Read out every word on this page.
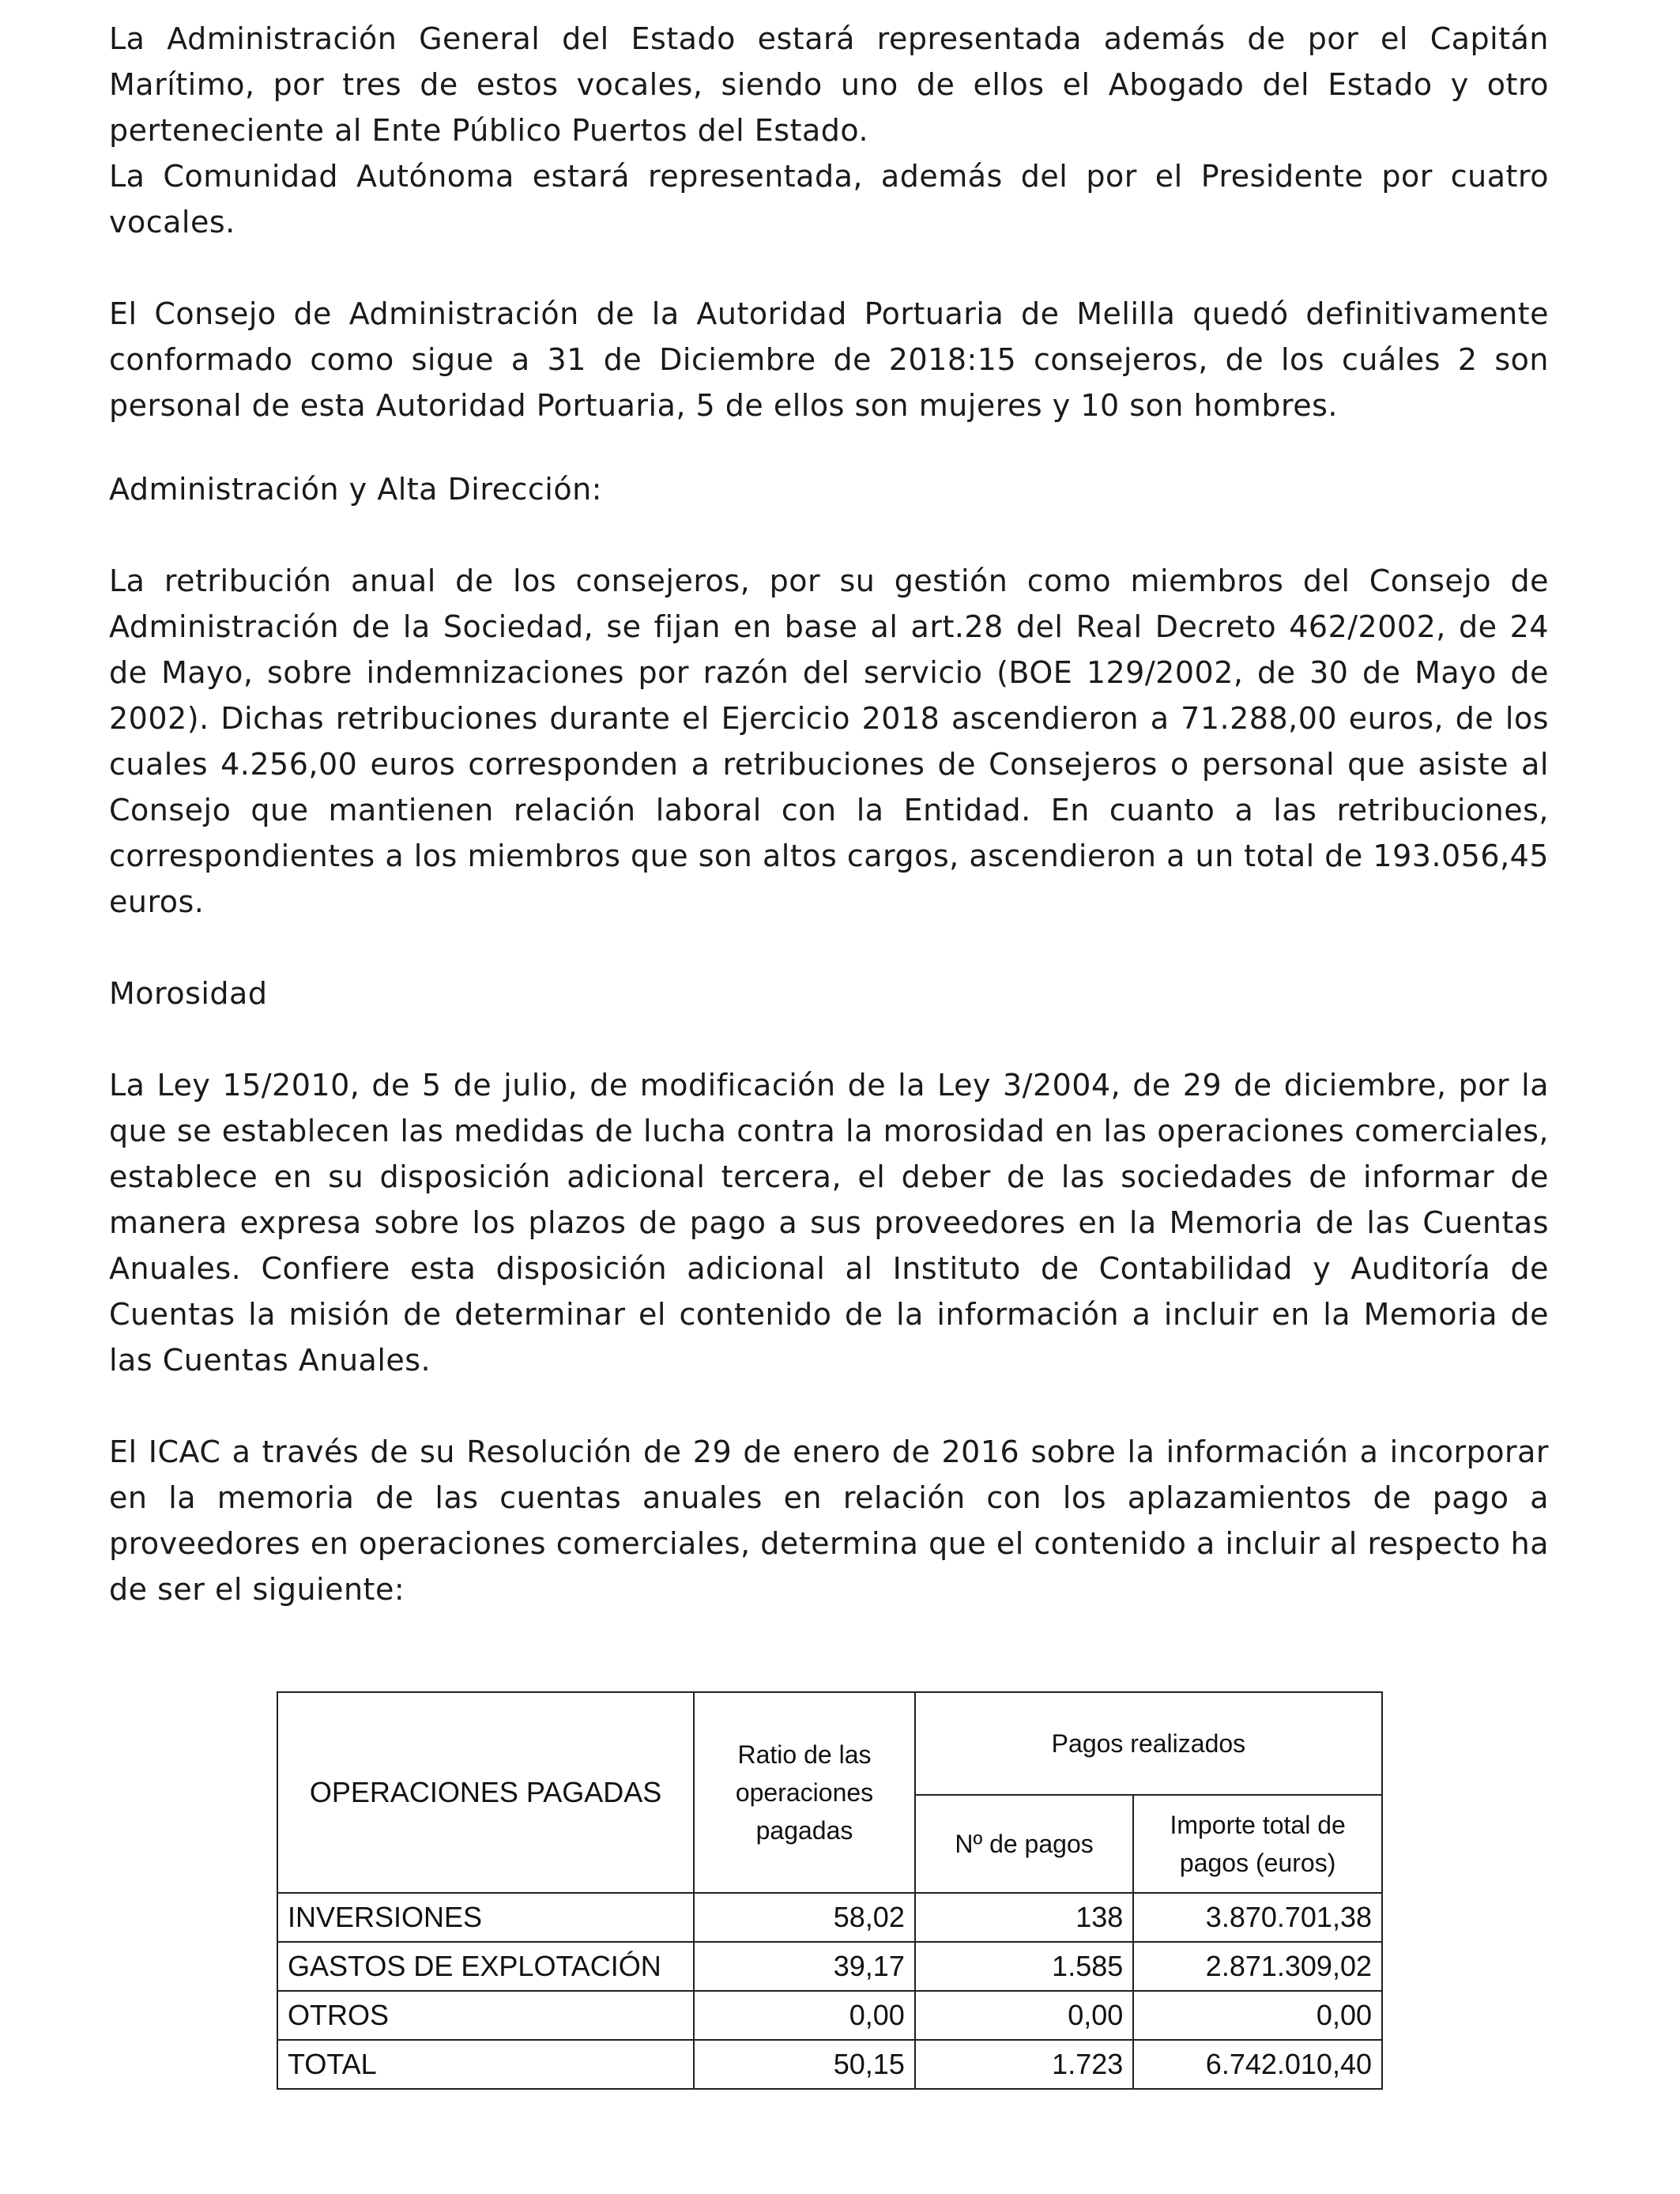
La Administración General del Estado estará representada además de por el Capitán Marítimo, por tres de estos vocales, siendo uno de ellos el Abogado del Estado y otro perteneciente al Ente Público Puertos del Estado.

La Comunidad Autónoma estará representada, además del por el Presidente por cuatro vocales.

El Consejo de Administración de la Autoridad Portuaria de Melilla quedó definitivamente conformado como sigue a 31 de Diciembre de 2018:15 consejeros, de los cuáles 2 son personal de esta Autoridad Portuaria, 5 de ellos son mujeres y 10 son hombres.

Administración y Alta Dirección:

La retribución anual de los consejeros, por su gestión como miembros del Consejo de Administración de la Sociedad, se fijan en base al art.28 del Real Decreto 462/2002, de 24 de Mayo, sobre indemnizaciones por razón del servicio (BOE 129/2002, de 30 de Mayo de 2002). Dichas retribuciones durante el Ejercicio 2018 ascendieron a 71.288,00 euros, de los cuales 4.256,00 euros corresponden a retribuciones de Consejeros o personal que asiste al Consejo que mantienen relación laboral con la Entidad. En cuanto a las retribuciones, correspondientes a los miembros que son altos cargos, ascendieron a un total de 193.056,45 euros.

Morosidad

La Ley 15/2010, de 5 de julio, de modificación de la Ley 3/2004, de 29 de diciembre, por la que se establecen las medidas de lucha contra la morosidad en las operaciones comerciales, establece en su disposición adicional tercera, el deber de las sociedades de informar de manera expresa sobre los plazos de pago a sus proveedores en la Memoria de las Cuentas Anuales. Confiere esta disposición adicional al Instituto de Contabilidad y Auditoría de Cuentas la misión de determinar el contenido de la información a incluir en la Memoria de las Cuentas Anuales.

El ICAC a través de su Resolución de 29 de enero de 2016 sobre la información a incorporar en la memoria de las cuentas anuales en relación con los aplazamientos de pago a proveedores en operaciones comerciales, determina que el contenido a incluir al respecto ha de ser el siguiente:

OPERACIONES PAGADAS	Ratio de las operaciones pagadas	Pagos realizados	
		Nº de pagos	Importe total de pagos (euros)
INVERSIONES	58,02	138	3.870.701,38
GASTOS DE EXPLOTACIÓN	39,17	1.585	2.871.309,02
OTROS	0,00	0,00	0,00
TOTAL	50,15	1.723	6.742.010,40
